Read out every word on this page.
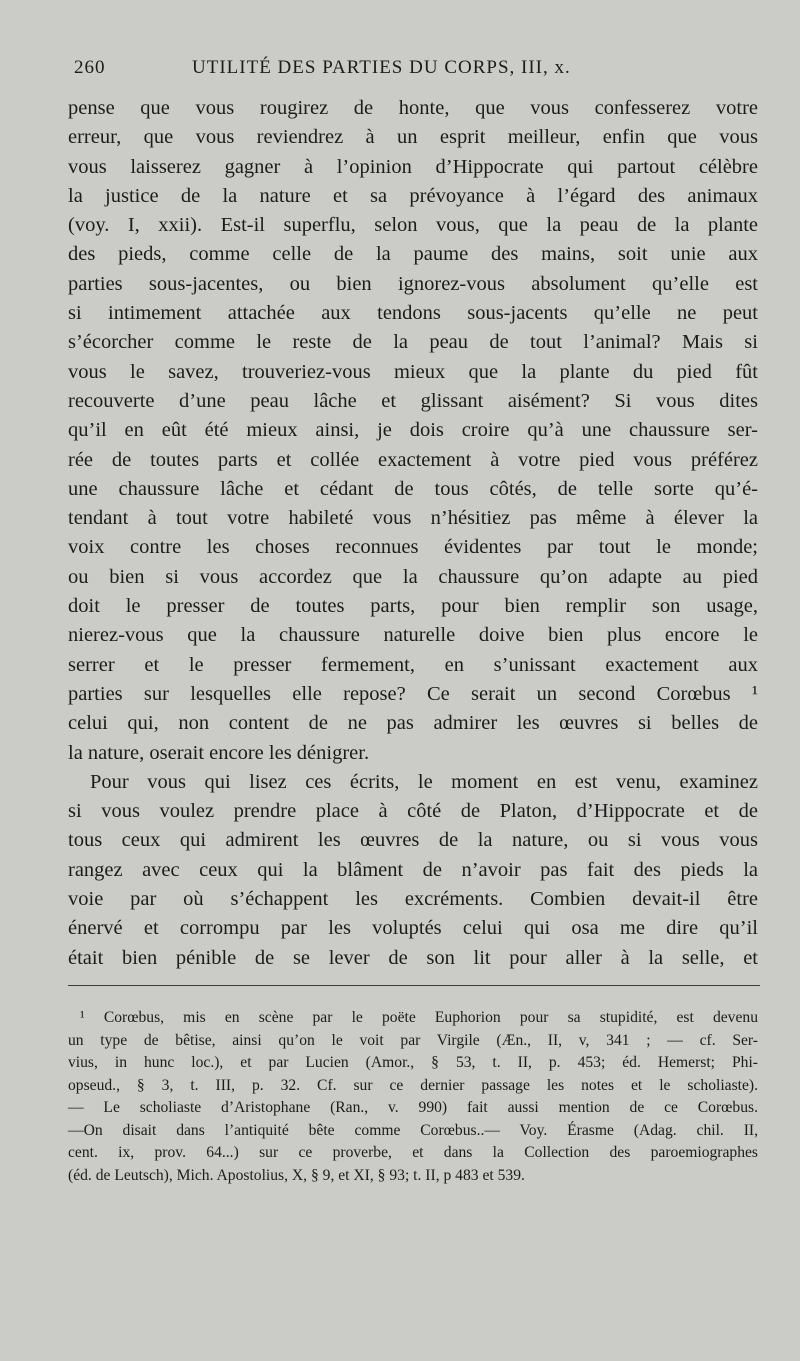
260	UTILITÉ DES PARTIES DU CORPS, III, x.
pense que vous rougirez de honte, que vous confesserez votre
erreur, que vous reviendrez à un esprit meilleur, enfin que vous
vous laisserez gagner à l’opinion d’Hippocrate qui partout célèbre
la justice de la nature et sa prévoyance à l’égard des animaux
(voy. I, xxii). Est-il superflu, selon vous, que la peau de la plante
des pieds, comme celle de la paume des mains, soit unie aux
parties sous-jacentes, ou bien ignorez-vous absolument qu’elle est
si intimement attachée aux tendons sous-jacents qu’elle ne peut
s’écorcher comme le reste de la peau de tout l’animal? Mais si
vous le savez, trouveriez-vous mieux que la plante du pied fût
recouverte d’une peau lâche et glissant aisément? Si vous dites
qu’il en eût été mieux ainsi, je dois croire qu’à une chaussure ser-
rée de toutes parts et collée exactement à votre pied vous préférez
une chaussure lâche et cédant de tous côtés, de telle sorte qu’é-
tendant à tout votre habileté vous n’hésitiez pas même à élever la
voix contre les choses reconnues évidentes par tout le monde;
ou bien si vous accordez que la chaussure qu’on adapte au pied
doit le presser de toutes parts, pour bien remplir son usage,
nierez-vous que la chaussure naturelle doive bien plus encore le
serrer et le presser fermement, en s’unissant exactement aux
parties sur lesquelles elle repose? Ce serait un second Corœbus ¹
celui qui, non content de ne pas admirer les œuvres si belles de
la nature, oserait encore les dénigrer.
Pour vous qui lisez ces écrits, le moment en est venu, examinez
si vous voulez prendre place à côté de Platon, d’Hippocrate et de
tous ceux qui admirent les œuvres de la nature, ou si vous vous
rangez avec ceux qui la blâment de n’avoir pas fait des pieds la
voie par où s’échappent les excréments. Combien devait-il être
énervé et corrompu par les voluptés celui qui osa me dire qu’il
était bien pénible de se lever de son lit pour aller à la selle, et
¹ Corœbus, mis en scène par le poëte Euphorion pour sa stupidité, est devenu
un type de bêtise, ainsi qu’on le voit par Virgile (Æn., II, v, 341 ; — cf. Ser-
vius, in hunc loc.), et par Lucien (Amor., § 53, t. II, p. 453; éd. Hemerst; Phi-
opseud., § 3, t. III, p. 32. Cf. sur ce dernier passage les notes et le scholiaste).
— Le scholiaste d’Aristophane (Ran., v. 990) fait aussi mention de ce Corœbus.
—On disait dans l’antiquité bête comme Corœbus..— Voy. Érasme (Adag. chil. II,
cent. ix, prov. 64...) sur ce proverbe, et dans la Collection des paroemiographes
(éd. de Leutsch), Mich. Apostolius, X, § 9, et XI, § 93; t. II, p 483 et 539.
